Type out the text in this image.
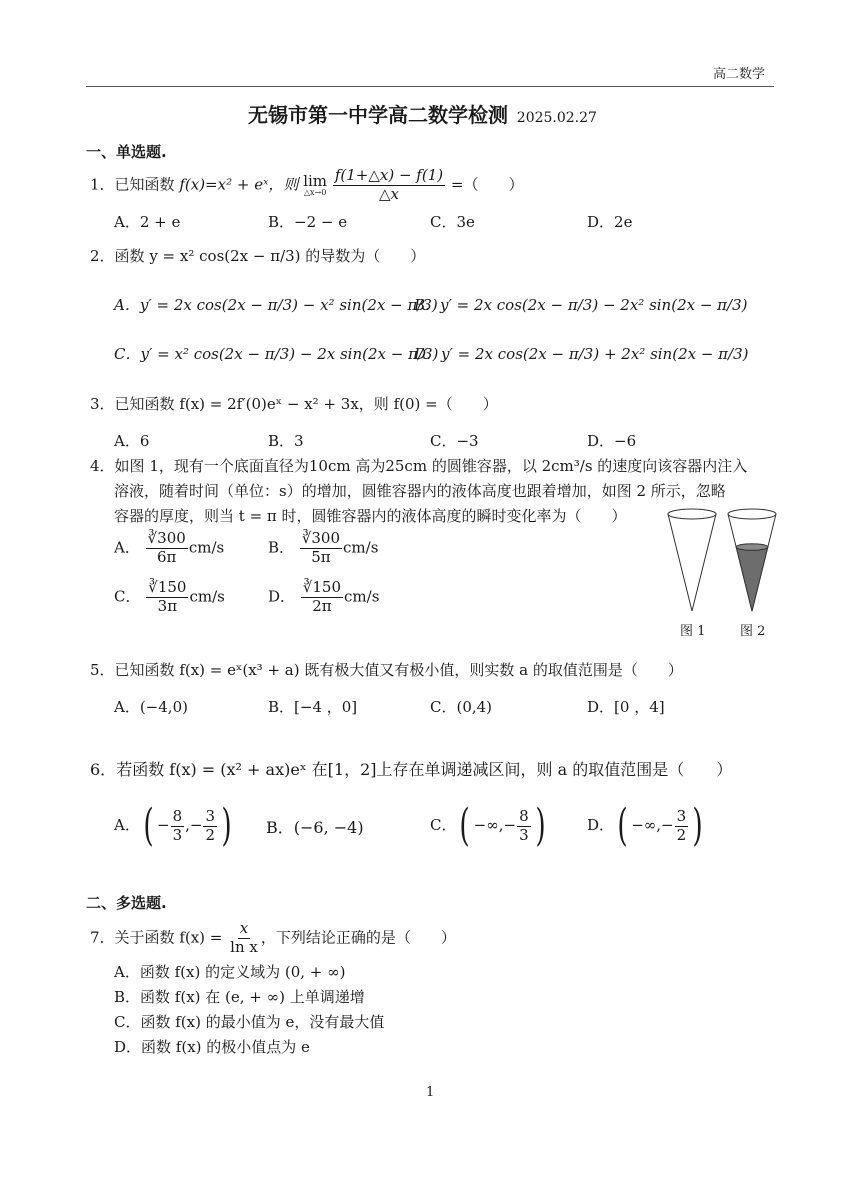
高二数学
无锡市第一中学高二数学检测 2025.02.27
一、单选题.
1．已知函数 f(x)=x² + eˣ，则 lim
△x→0
$\frac{f(1+\triangle x) - f(1)}{\triangle x}$ =（　　）
A．2 + e	B．−2 − e	C．3e	D．2e
2．函数 y = x² cos(2x − π/3) 的导数为（　　）
A．y′ = 2x cos(2x − π/3) − x² sin(2x − π/3)
B．y′ = 2x cos(2x − π/3) − 2x² sin(2x − π/3)
C．y′ = x² cos(2x − π/3) − 2x sin(2x − π/3)
D．y′ = 2x cos(2x − π/3) + 2x² sin(2x − π/3)
3．已知函数 f(x) = 2f′(0)eˣ − x² + 3x，则 f(0) =（　　）
A．6	B．3	C．−3	D．−6
4．如图 1，现有一个底面直径为10cm 高为25cm 的圆锥容器，以 2cm³/s 的速度向该容器内注入
溶液，随着时间（单位：s）的增加，圆锥容器内的液体高度也跟着增加，如图 2 所示，忽略
容器的厚度，则当 t = π 时，圆锥容器内的液体高度的瞬时变化率为（　　）
A． $\frac{∛300}{6\pi} cm/s$	B． $\frac{∛300}{5\pi} cm/s$
C． $\frac{∛150}{3\pi} cm/s$	D． $\frac{∛150}{2\pi} cm/s$
图 1	图 2
5．已知函数 f(x) = eˣ(x³ + a) 既有极大值又有极小值，则实数 a 的取值范围是（　　）
A．(−4,0)	B．[−4 ，0]	C．(0,4)	D．[0 ，4]
6．若函数 f(x) = (x² + ax)eˣ 在[1，2]上存在单调递减区间，则 a 的取值范围是（　　）
A．( − $\frac{8}{3}$ ,− $\frac{3}{2}$ ) B．(−6, −4)	C．( −∞,− $\frac{8}{3}$ )	D．( −∞,− $\frac{3}{2}$ )
二、多选题.
7．关于函数 $f(x) = \frac{x}{\text{ln x}}$ ，下列结论正确的是（　　）
A．函数 f(x) 的定义域为 (0, + ∞)
B．函数 f(x) 在 (e, + ∞) 上单调递增
C．函数 f(x) 的最小值为 e，没有最大值
D．函数 f(x) 的极小值点为 e
1
